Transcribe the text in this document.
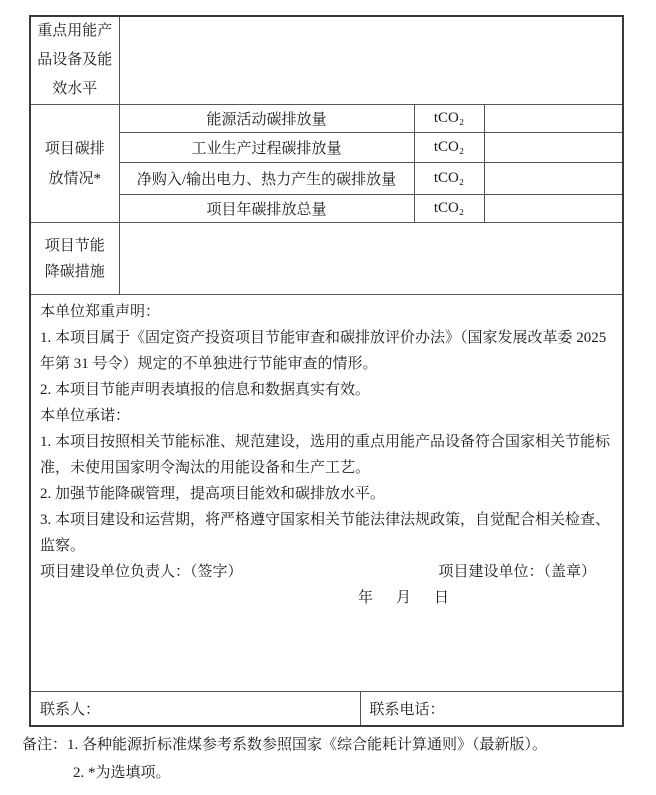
重点用能产
品设备及能
效水平				

项目碳排
放情况*	能源活动碳排放量		tCO₂	
	工业生产过程碳排放量		tCO₂	
	净购入/输出电力、热力产生的碳排放量		tCO₂	
	项目年碳排放总量		tCO₂	

项目节能
降碳措施				

本单位郑重声明：
1. 本项目属于《固定资产投资项目节能审查和碳排放评价办法》（国家发展改革委 2025
年第 31 号令）规定的不单独进行节能审查的情形。
2. 本项目节能声明表填报的信息和数据真实有效。
本单位承诺：
1. 本项目按照相关节能标准、规范建设，选用的重点用能产品设备符合国家相关节能标
准，未使用国家明令淘汰的用能设备和生产工艺。
2. 加强节能降碳管理，提高项目能效和碳排放水平。
3. 本项目建设和运营期，将严格遵守国家相关节能法律法规政策，自觉配合相关检查、
监察。
项目建设单位负责人：（签字）	项目建设单位：（盖章）
年　月　日

联系人：		联系电话：		
备注：1. 各种能源折标准煤参考系数参照国家《综合能耗计算通则》（最新版）。
2. *为选填项。
